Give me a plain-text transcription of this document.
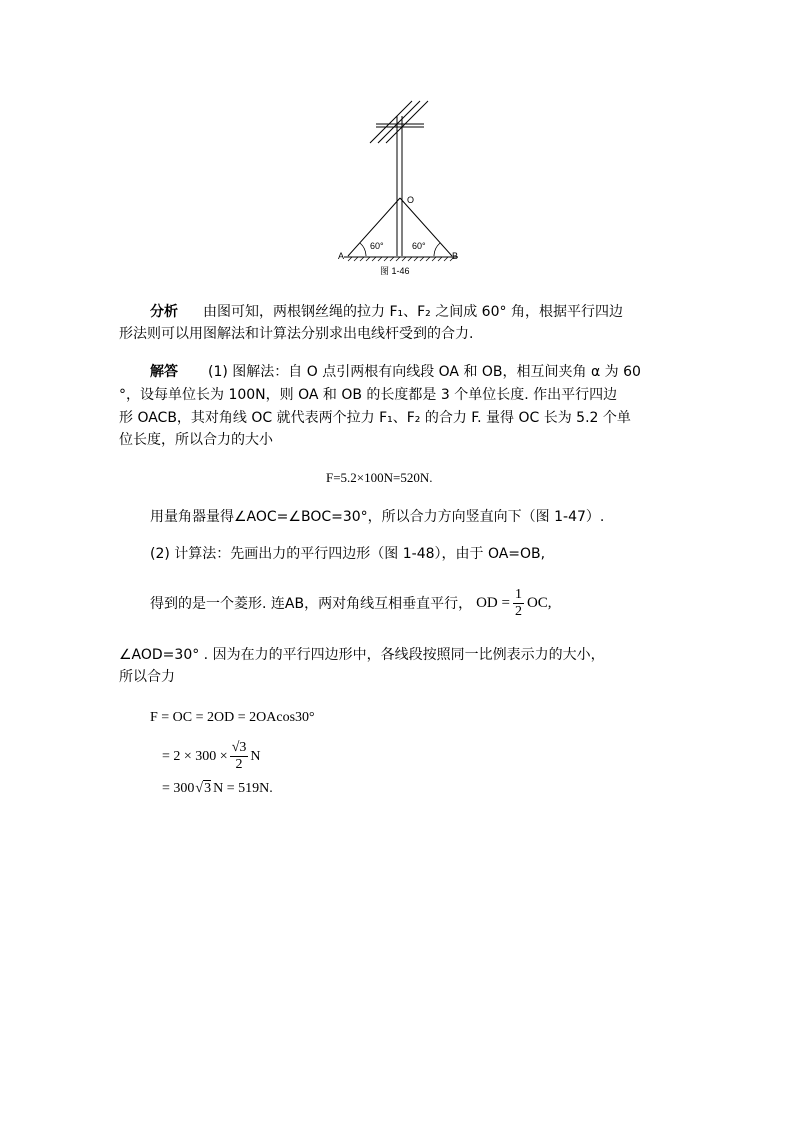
O
A	B
60°	60°
图 1-46
分析 由图可知，两根钢丝绳的拉力 F₁、F₂ 之间成 60° 角，根据平行四边
形法则可以用图解法和计算法分别求出电线杆受到的合力.
解答 (1) 图解法：自 O 点引两根有向线段 OA 和 OB，相互间夹角 α 为 60
°，设每单位长为 100N，则 OA 和 OB 的长度都是 3 个单位长度. 作出平行四边
形 OACB，其对角线 OC 就代表两个拉力 F₁、F₂ 的合力 F. 量得 OC 长为 5.2 个单
位长度，所以合力的大小
F=5.2×100N=520N.
用量角器量得∠AOC=∠BOC=30°，所以合力方向竖直向下（图 1-47）.
(2) 计算法：先画出力的平行四边形（图 1-48），由于 OA=OB,
得到的是一个菱形. 连AB，两对角线互相垂直平行， OD = $\frac{1}{2}$ OC,
∠AOD=30° . 因为在力的平行四边形中，各线段按照同一比例表示力的大小，
所以合力
F = OC = 2OD = 2OAcos30°
= $2 \times 300 \times \frac{√3}{2}$ N
= 300 √ 3 N = 519N.
